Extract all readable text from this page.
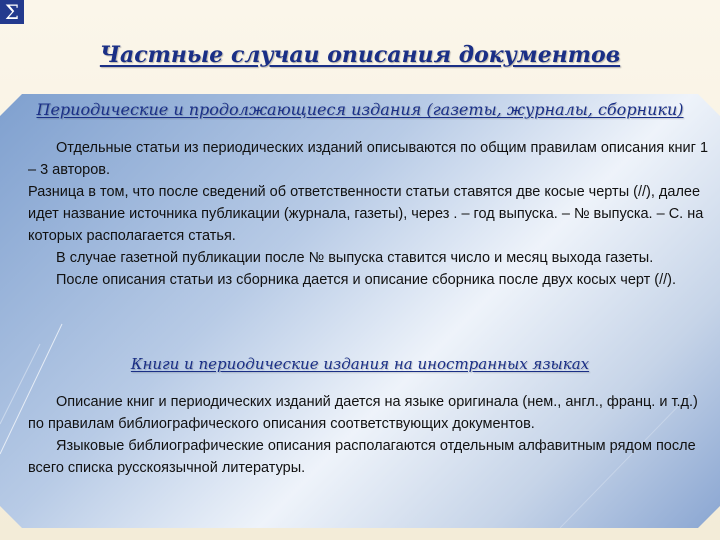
Σ
Частные случаи описания документов
Периодические и продолжающиеся издания (газеты, журналы, сборники)

Отдельные статьи из периодических изданий описываются по общим правилам описания книг 1 – 3 авторов.

Разница в том, что после сведений об ответственности статьи ставятся две косые черты (//), далее идет название источника публикации (журнала, газеты), через . – год выпуска. – № выпуска. – С. на которых располагается статья.

В случае газетной публикации после № выпуска ставится число и месяц выхода газеты.

После описания статьи из сборника дается и описание сборника после двух косых черт (//).

Книги и периодические издания на иностранных языках

Описание книг и периодических изданий дается на языке оригинала (нем., англ., франц. и т.д.) по правилам библиографического описания соответствующих документов.

Языковые библиографические описания располагаются отдельным алфавитным рядом после всего списка русскоязычной литературы.
